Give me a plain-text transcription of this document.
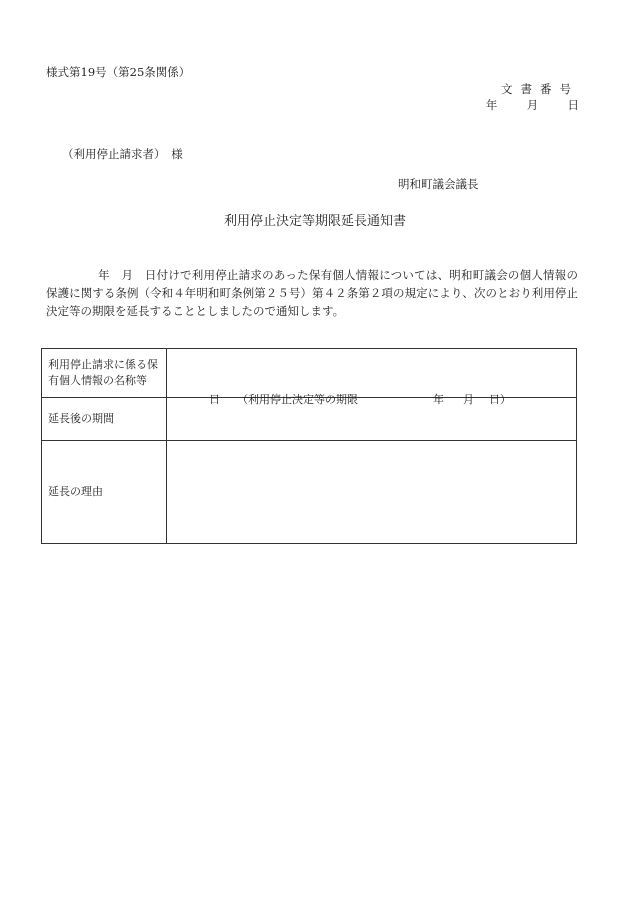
様式第19号（第25条関係）
文書番号
年	月	日
（利用停止請求者）　様
明和町議会議長
利用停止決定等期限延長通知書
年　月　日付けで利用停止請求のあった保有個人情報については、明和町議会の個人情報の保護に関する条例（令和４年明和町条例第２５号）第４２条第２項の規定により、次のとおり利用停止決定等の期限を延長することとしましたので通知します。
利用停止請求に係る保有個人情報の名称等	

延長後の期間	日 （利用停止決定等の期限 年 月 日）

延長の理由	
